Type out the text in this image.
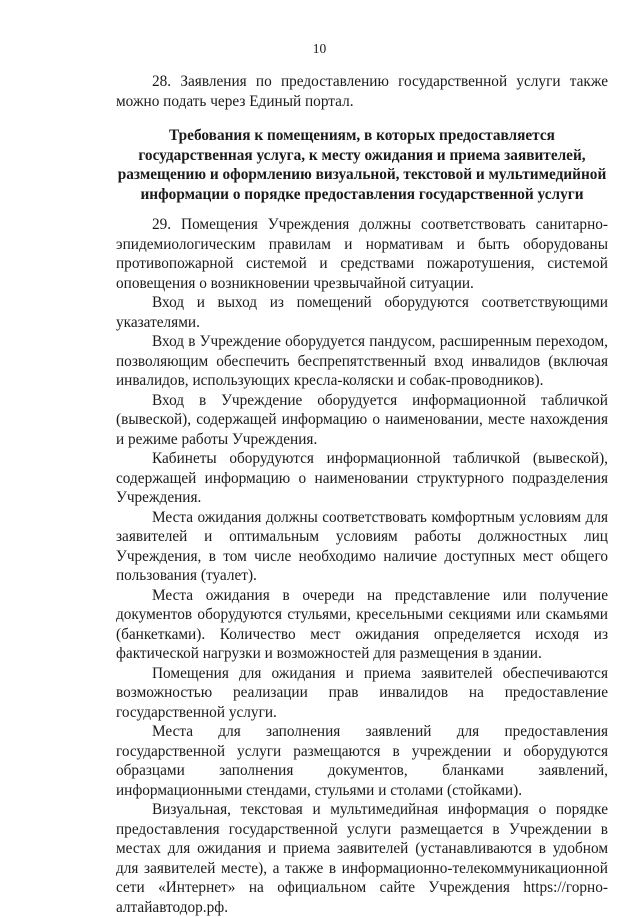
10

28. Заявления по предоставлению государственной услуги также можно подать через Единый портал.

Требования к помещениям, в которых предоставляется государственная услуга, к месту ожидания и приема заявителей, размещению и оформлению визуальной, текстовой и мультимедийной информации о порядке предоставления государственной услуги

29. Помещения Учреждения должны соответствовать санитарно-эпидемиологическим правилам и нормативам и быть оборудованы противопожарной системой и средствами пожаротушения, системой оповещения о возникновении чрезвычайной ситуации.

Вход и выход из помещений оборудуются соответствующими указателями.

Вход в Учреждение оборудуется пандусом, расширенным переходом, позволяющим обеспечить беспрепятственный вход инвалидов (включая инвалидов, использующих кресла-коляски и собак-проводников).

Вход в Учреждение оборудуется информационной табличкой (вывеской), содержащей информацию о наименовании, месте нахождения и режиме работы Учреждения.

Кабинеты оборудуются информационной табличкой (вывеской), содержащей информацию о наименовании структурного подразделения Учреждения.

Места ожидания должны соответствовать комфортным условиям для заявителей и оптимальным условиям работы должностных лиц Учреждения, в том числе необходимо наличие доступных мест общего пользования (туалет).

Места ожидания в очереди на представление или получение документов оборудуются стульями, кресельными секциями или скамьями (банкетками). Количество мест ожидания определяется исходя из фактической нагрузки и возможностей для размещения в здании.

Помещения для ожидания и приема заявителей обеспечиваются возможностью реализации прав инвалидов на предоставление государственной услуги.

Места для заполнения заявлений для предоставления государственной услуги размещаются в учреждении и оборудуются образцами заполнения документов, бланками заявлений, информационными стендами, стульями и столами (стойками).

Визуальная, текстовая и мультимедийная информация о порядке предоставления государственной услуги размещается в Учреждении в местах для ожидания и приема заявителей (устанавливаются в удобном для заявителей месте), а также в информационно-телекоммуникационной сети «Интернет» на официальном сайте Учреждения https://горно-алтайавтодор.рф.
